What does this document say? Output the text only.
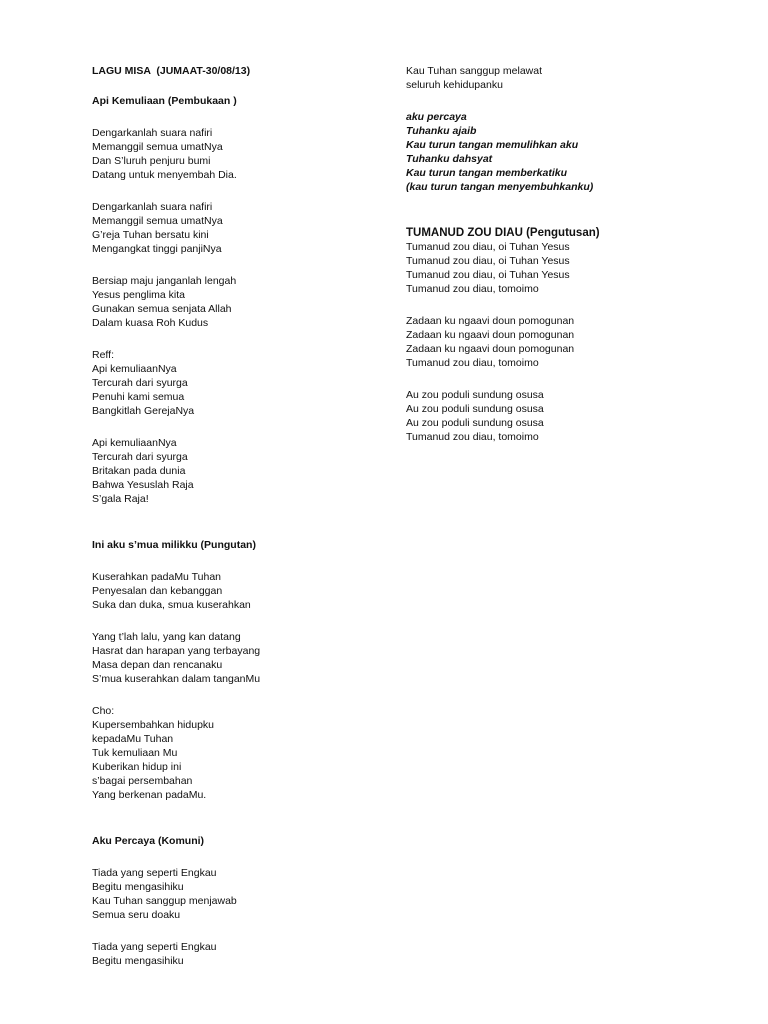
LAGU MISA  (JUMAAT-30/08/13)
Api Kemuliaan (Pembukaan )
Dengarkanlah suara nafiri
Memanggil semua umatNya
Dan S’luruh penjuru bumi
Datang untuk menyembah Dia.
Dengarkanlah suara nafiri
Memanggil semua umatNya
G’reja Tuhan bersatu kini
Mengangkat tinggi panjiNya
Bersiap maju janganlah lengah
Yesus penglima kita
Gunakan semua senjata Allah
Dalam kuasa Roh Kudus
Reff:
Api kemuliaanNya
Tercurah dari syurga
Penuhi kami semua
Bangkitlah GerejaNya
Api kemuliaanNya
Tercurah dari syurga
Britakan pada dunia
Bahwa Yesuslah Raja
S’gala Raja!
Ini aku s’mua milikku (Pungutan)
Kuserahkan padaMu Tuhan
Penyesalan dan kebanggan
Suka dan duka, smua kuserahkan
Yang t’lah lalu, yang kan datang
Hasrat dan harapan yang terbayang
Masa depan dan rencanaku
S’mua kuserahkan dalam tanganMu
Cho:
Kupersembahkan hidupku
kepadaMu Tuhan
Tuk kemuliaan Mu
Kuberikan hidup ini
s’bagai persembahan
Yang berkenan padaMu.
Aku Percaya (Komuni)
Tiada yang seperti Engkau
Begitu mengasihiku
Kau Tuhan sanggup menjawab
Semua seru doaku
Tiada yang seperti Engkau
Begitu mengasihiku
Kau Tuhan sanggup melawat
seluruh kehidupanku
aku percaya
Tuhanku ajaib
Kau turun tangan memulihkan aku
Tuhanku dahsyat
Kau turun tangan memberkatiku
(kau turun tangan menyembuhkanku)
TUMANUD ZOU DIAU (Pengutusan)
Tumanud zou diau, oi Tuhan Yesus
Tumanud zou diau, oi Tuhan Yesus
Tumanud zou diau, oi Tuhan Yesus
Tumanud zou diau, tomoimo
Zadaan ku ngaavi doun pomogunan
Zadaan ku ngaavi doun pomogunan
Zadaan ku ngaavi doun pomogunan
Tumanud zou diau, tomoimo
Au zou poduli sundung osusa
Au zou poduli sundung osusa
Au zou poduli sundung osusa
Tumanud zou diau, tomoimo
